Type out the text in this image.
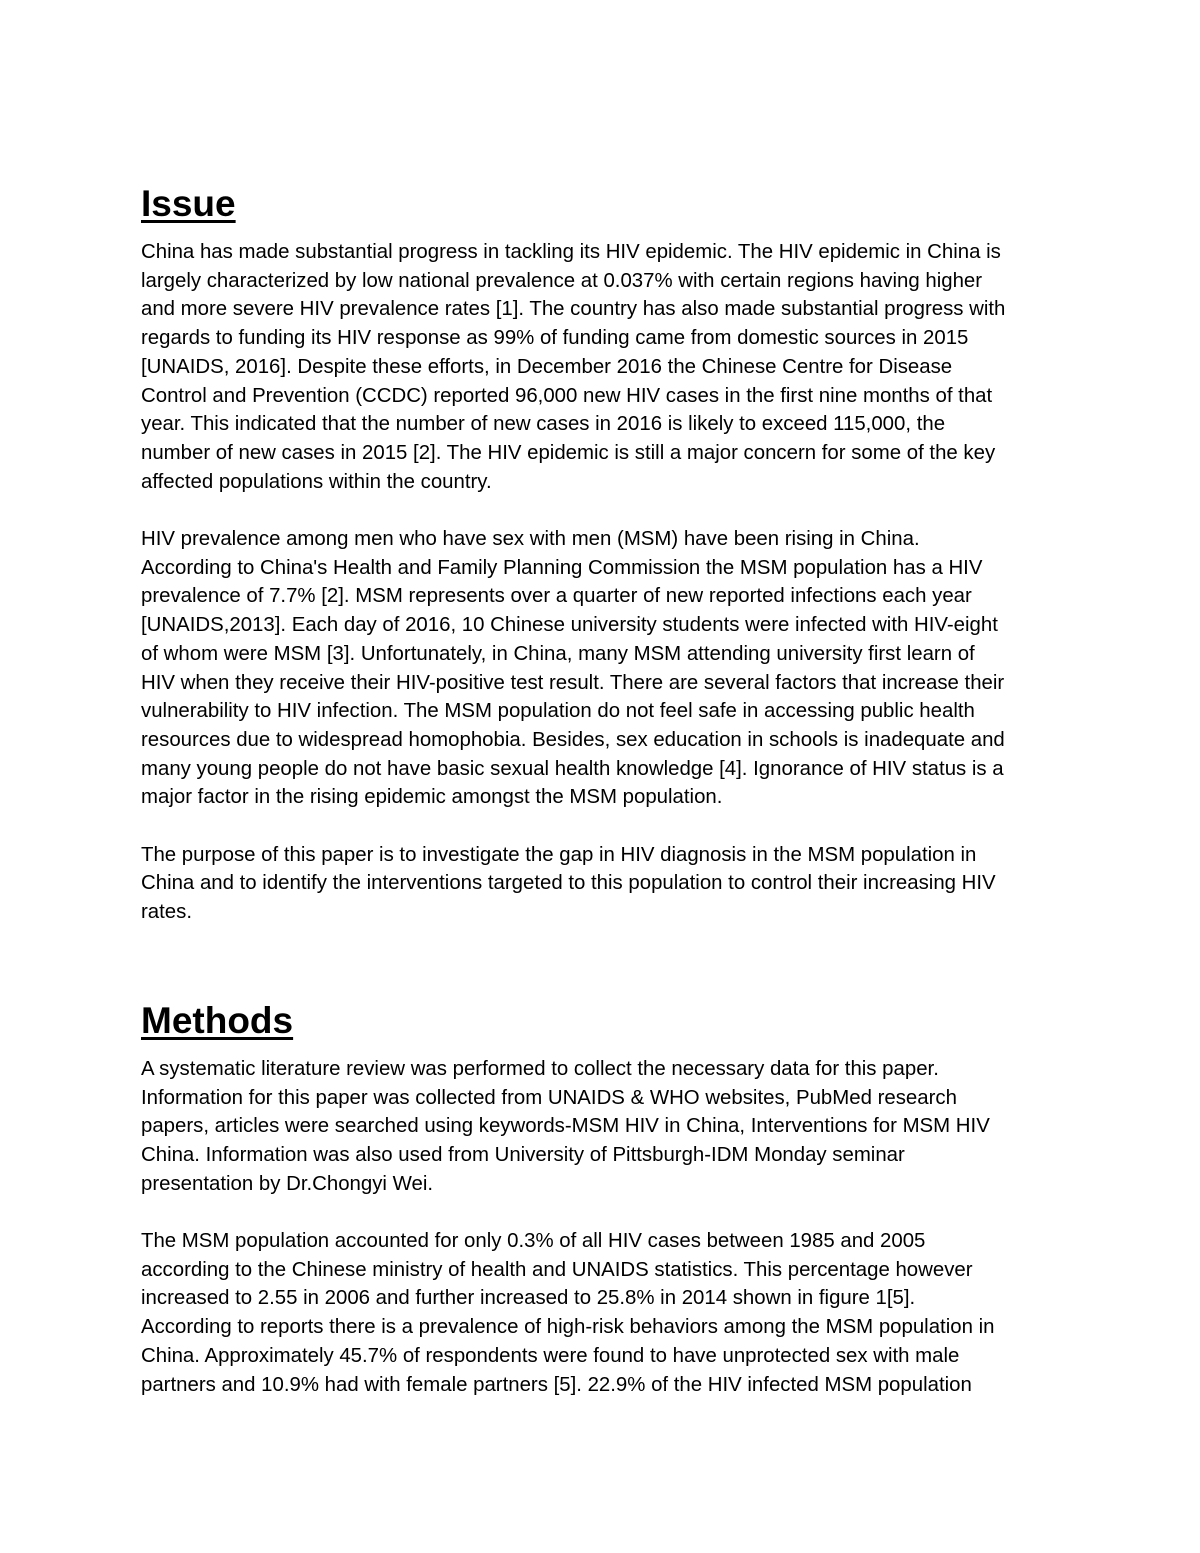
Issue

China has made substantial progress in tackling its HIV epidemic. The HIV epidemic in China is
largely characterized by low national prevalence at 0.037% with certain regions having higher
and more severe HIV prevalence rates [1]. The country has also made substantial progress with
regards to funding its HIV response as 99% of funding came from domestic sources in 2015
[UNAIDS, 2016]. Despite these efforts, in December 2016 the Chinese Centre for Disease
Control and Prevention (CCDC) reported 96,000 new HIV cases in the first nine months of that
year. This indicated that the number of new cases in 2016 is likely to exceed 115,000, the
number of new cases in 2015 [2]. The HIV epidemic is still a major concern for some of the key
affected populations within the country.

HIV prevalence among men who have sex with men (MSM) have been rising in China.
According to China's Health and Family Planning Commission the MSM population has a HIV
prevalence of 7.7% [2]. MSM represents over a quarter of new reported infections each year
[UNAIDS,2013]. Each day of 2016, 10 Chinese university students were infected with HIV-eight
of whom were MSM [3]. Unfortunately, in China, many MSM attending university first learn of
HIV when they receive their HIV-positive test result. There are several factors that increase their
vulnerability to HIV infection. The MSM population do not feel safe in accessing public health
resources due to widespread homophobia. Besides, sex education in schools is inadequate and
many young people do not have basic sexual health knowledge [4]. Ignorance of HIV status is a
major factor in the rising epidemic amongst the MSM population.

The purpose of this paper is to investigate the gap in HIV diagnosis in the MSM population in
China and to identify the interventions targeted to this population to control their increasing HIV
rates.

Methods

A systematic literature review was performed to collect the necessary data for this paper.
Information for this paper was collected from UNAIDS & WHO websites, PubMed research
papers, articles were searched using keywords-MSM HIV in China, Interventions for MSM HIV
China. Information was also used from University of Pittsburgh-IDM Monday seminar
presentation by Dr.Chongyi Wei.

The MSM population accounted for only 0.3% of all HIV cases between 1985 and 2005
according to the Chinese ministry of health and UNAIDS statistics. This percentage however
increased to 2.55 in 2006 and further increased to 25.8% in 2014 shown in figure 1[5].
According to reports there is a prevalence of high-risk behaviors among the MSM population in
China. Approximately 45.7% of respondents were found to have unprotected sex with male
partners and 10.9% had with female partners [5]. 22.9% of the HIV infected MSM population
